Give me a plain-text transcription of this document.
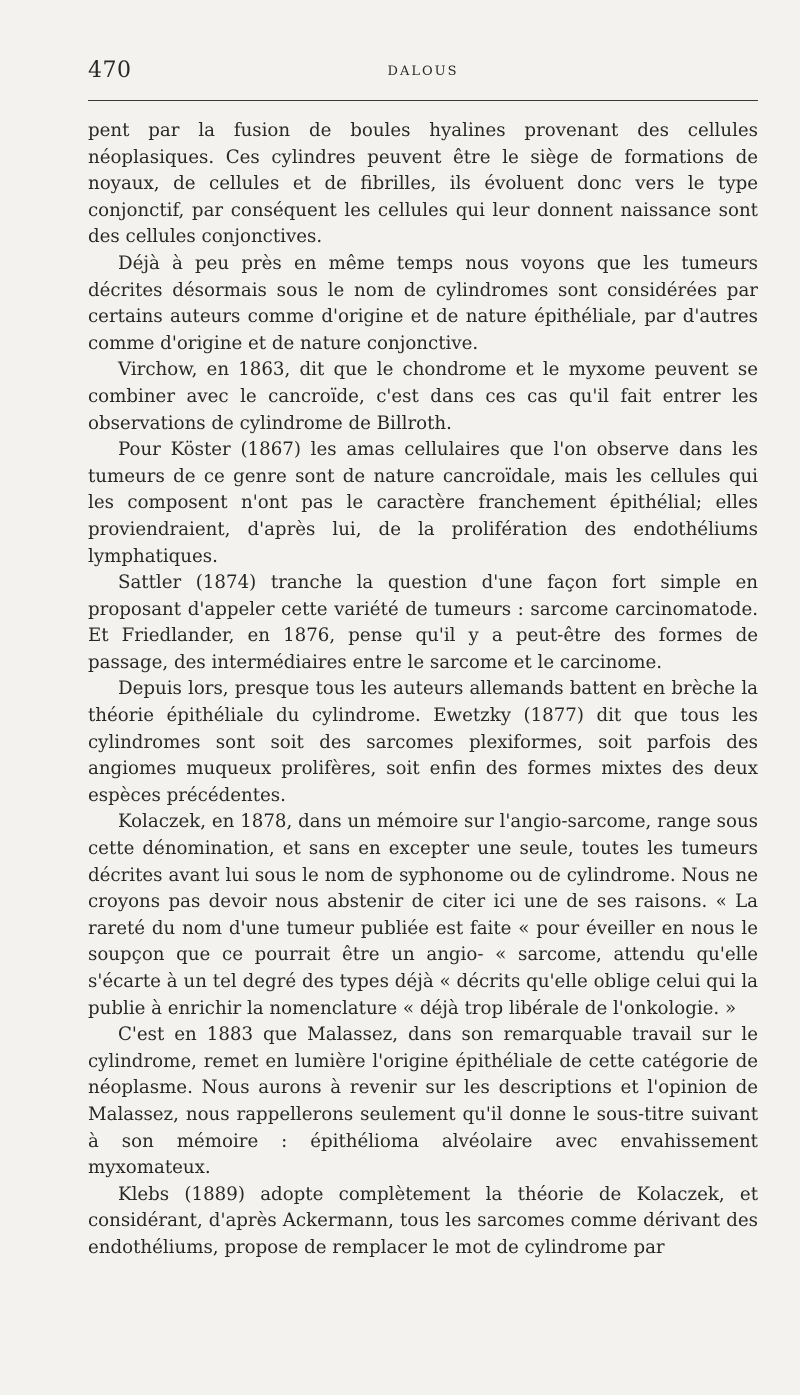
470	DALOUS

pent par la fusion de boules hyalines provenant des cellules néoplasiques. Ces cylindres peuvent être le siège de formations de noyaux, de cellules et de fibrilles, ils évoluent donc vers le type conjonctif, par conséquent les cellules qui leur donnent naissance sont des cellules conjonctives.

Déjà à peu près en même temps nous voyons que les tumeurs décrites désormais sous le nom de cylindromes sont considérées par certains auteurs comme d'origine et de nature épithéliale, par d'autres comme d'origine et de nature conjonctive.

Virchow, en 1863, dit que le chondrome et le myxome peuvent se combiner avec le cancroïde, c'est dans ces cas qu'il fait entrer les observations de cylindrome de Billroth.

Pour Köster (1867) les amas cellulaires que l'on observe dans les tumeurs de ce genre sont de nature cancroïdale, mais les cellules qui les composent n'ont pas le caractère franchement épithélial; elles proviendraient, d'après lui, de la prolifération des endothéliums lymphatiques.

Sattler (1874) tranche la question d'une façon fort simple en proposant d'appeler cette variété de tumeurs : sarcome carcinomatode. Et Friedlander, en 1876, pense qu'il y a peut-être des formes de passage, des intermédiaires entre le sarcome et le carcinome.

Depuis lors, presque tous les auteurs allemands battent en brèche la théorie épithéliale du cylindrome. Ewetzky (1877) dit que tous les cylindromes sont soit des sarcomes plexiformes, soit parfois des angiomes muqueux prolifères, soit enfin des formes mixtes des deux espèces précédentes.

Kolaczek, en 1878, dans un mémoire sur l'angio-sarcome, range sous cette dénomination, et sans en excepter une seule, toutes les tumeurs décrites avant lui sous le nom de syphonome ou de cylindrome. Nous ne croyons pas devoir nous abstenir de citer ici une de ses raisons. « La rareté du nom d'une tumeur publiée est faite « pour éveiller en nous le soupçon que ce pourrait être un angio- « sarcome, attendu qu'elle s'écarte à un tel degré des types déjà « décrits qu'elle oblige celui qui la publie à enrichir la nomenclature « déjà trop libérale de l'onkologie. »

C'est en 1883 que Malassez, dans son remarquable travail sur le cylindrome, remet en lumière l'origine épithéliale de cette catégorie de néoplasme. Nous aurons à revenir sur les descriptions et l'opinion de Malassez, nous rappellerons seulement qu'il donne le sous-titre suivant à son mémoire : épithélioma alvéolaire avec envahissement myxomateux.

Klebs (1889) adopte complètement la théorie de Kolaczek, et considérant, d'après Ackermann, tous les sarcomes comme dérivant des endothéliums, propose de remplacer le mot de cylindrome par
